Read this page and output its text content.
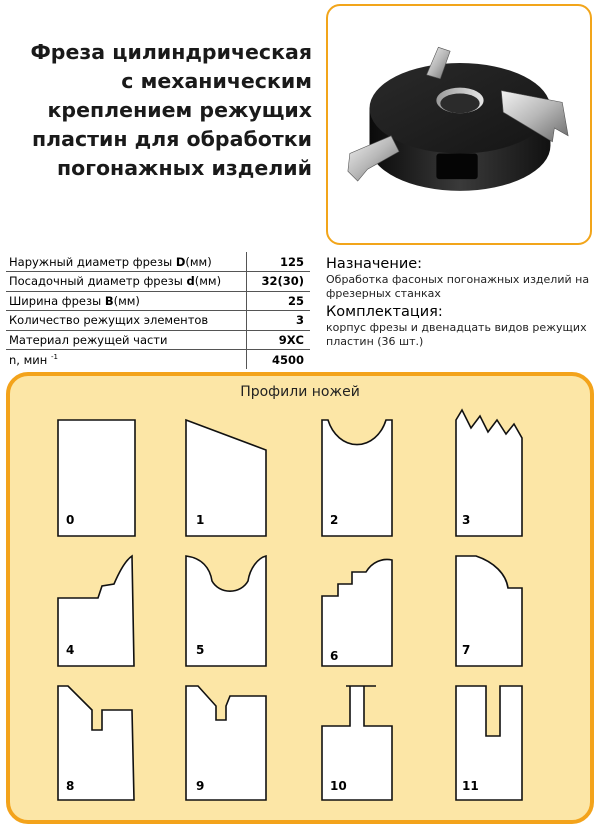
Фреза цилиндрическая
с механическим
креплением режущих
пластин для обработки
погонажных изделий
Наружный диаметр фрезы D(мм)	125
Посадочный диаметр фрезы d(мм)	32(30)
Ширина фрезы B(мм)	25
Количество режущих элементов	3
Материал режущей части	9ХС
n, мин $^{-1}$	4500
Назначение:

Обработка фасоных погонажных изделий на фрезерных станках

Комплектация:

корпус фрезы и двенадцать видов режущих пластин (36 шт.)

Профили ножей
0	1	2	3
4	5	6	7
8	9	10	11
